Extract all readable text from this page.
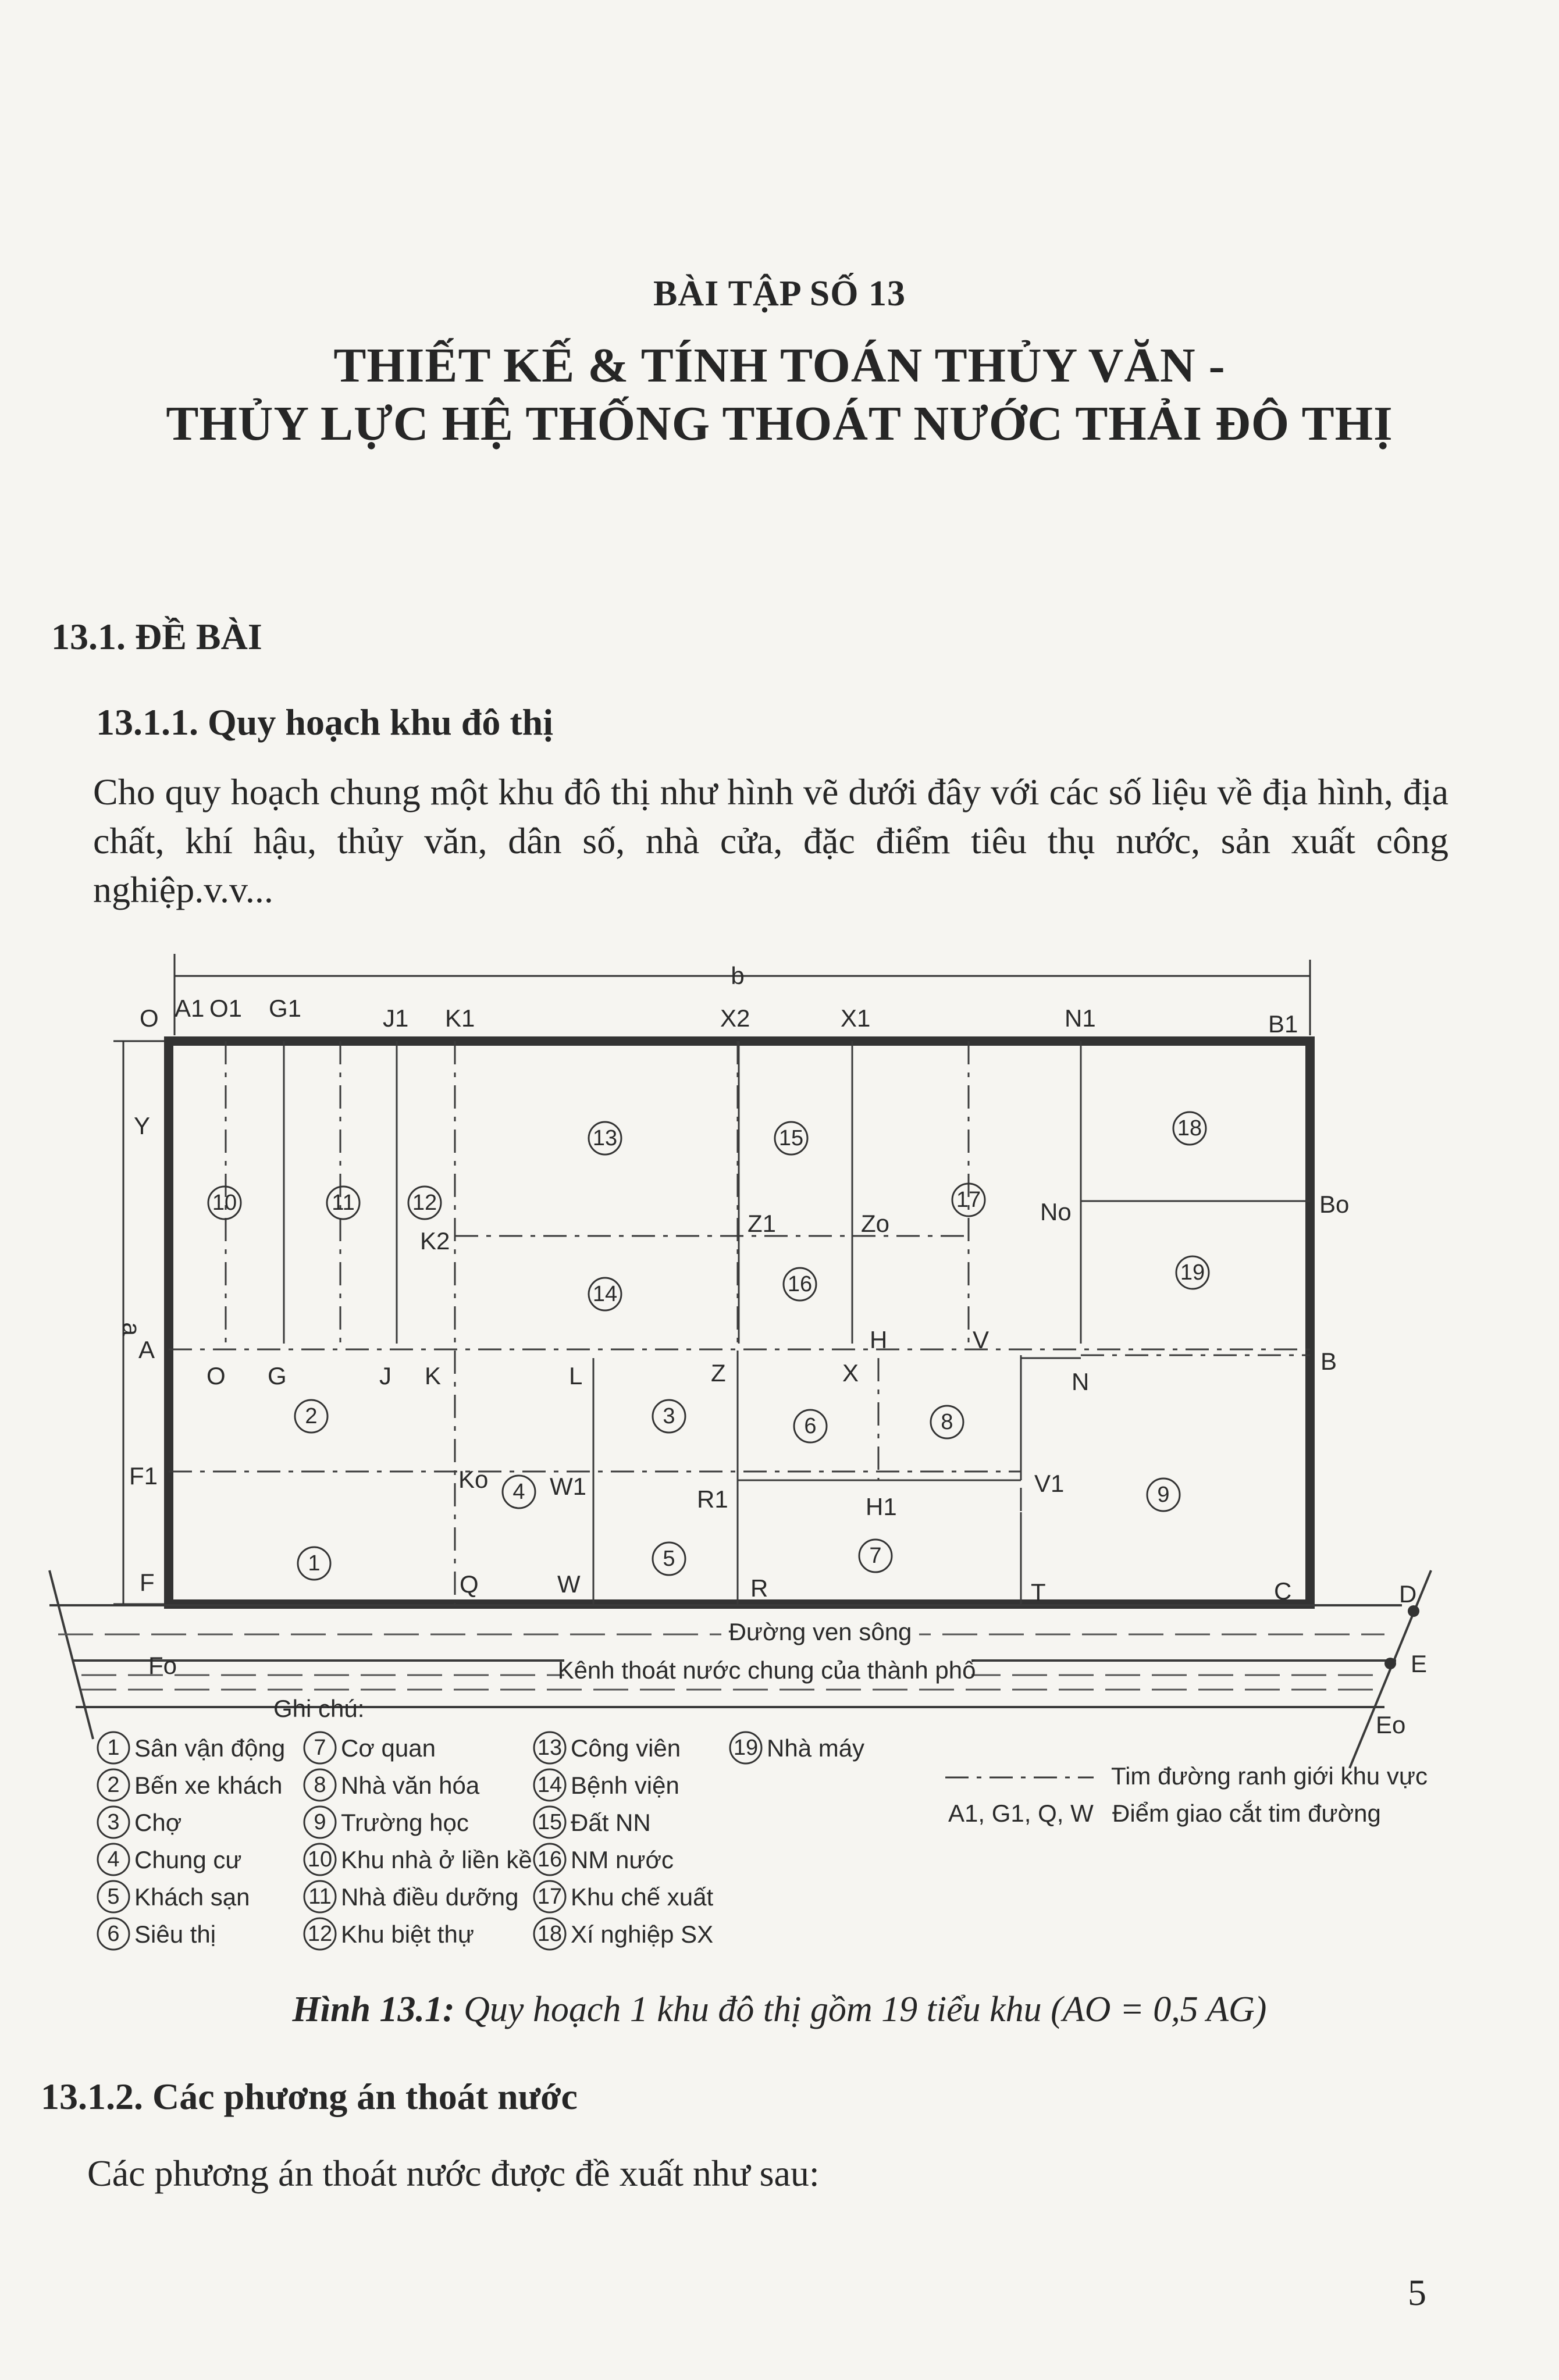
BÀI TẬP SỐ 13
THIẾT KẾ & TÍNH TOÁN THỦY VĂN -
THỦY LỰC HỆ THỐNG THOÁT NƯỚC THẢI ĐÔ THỊ
13.1. ĐỀ BÀI
13.1.1. Quy hoạch khu đô thị
Cho quy hoạch chung một khu đô thị như hình vẽ dưới đây với các số liệu về địa hình, địa chất, khí hậu, thủy văn, dân số, nhà cửa, đặc điểm tiêu thụ nước, sản xuất công nghiệp.v.v...
b
a
Đường ven sông
Kênh thoát nước chung của thành phố
O A1 O1 G1	J1 K1	X2	X1	N1	B1
Y
A
F1
F
Fo
Bo
B
C	D
E
Eo
K2
Z1	Zo	No
H	V
O G	J K	L	Z	X	N
Ko	W1	R1	H1
V1
Q	W	R	T
1
2	3
4
5
6
7
8
9
10	11	12
13
14
15
16
17
18
19
Ghi chú:
1 Sân vận động
2 Bến xe khách
3 Chợ
4 Chung cư
5 Khách sạn
6 Siêu thị
7 Cơ quan
8 Nhà văn hóa
9 Trường học
10 Khu nhà ở liền kề
11 Nhà điều dưỡng
12 Khu biệt thự
13 Công viên
14 Bệnh viện
15 Đất NN
16 NM nước
17 Khu chế xuất
18 Xí nghiệp SX
19 Nhà máy
Tim đường ranh giới khu vực
A1, G1, Q, W Điểm giao cắt tim đường
Hình 13.1: Quy hoạch 1 khu đô thị gồm 19 tiểu khu (AO = 0,5 AG)
13.1.2. Các phương án thoát nước
Các phương án thoát nước được đề xuất như sau:
5
